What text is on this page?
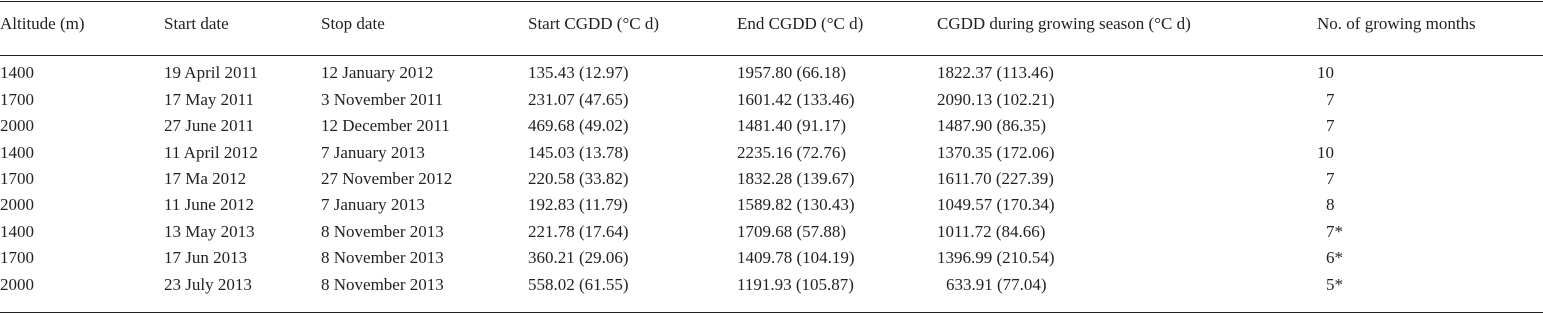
Altitude (m)	Start date	Stop date	Start CGDD (°C d)	End CGDD (°C d)	CGDD during growing season (°C d)	No. of growing months
1400	19 April 2011	12 January 2012	135.43 (12.97)	1957.80 (66.18)	1822.37 (113.46)	10
1700	17 May 2011	3 November 2011	231.07 (47.65)	1601.42 (133.46)	2090.13 (102.21)	7
2000	27 June 2011	12 December 2011	469.68 (49.02)	1481.40 (91.17)	1487.90 (86.35)	7
1400	11 April 2012	7 January 2013	145.03 (13.78)	2235.16 (72.76)	1370.35 (172.06)	10
1700	17 Ma 2012	27 November 2012	220.58 (33.82)	1832.28 (139.67)	1611.70 (227.39)	7
2000	11 June 2012	7 January 2013	192.83 (11.79)	1589.82 (130.43)	1049.57 (170.34)	8
1400	13 May 2013	8 November 2013	221.78 (17.64)	1709.68 (57.88)	1011.72 (84.66)	7*
1700	17 Jun 2013	8 November 2013	360.21 (29.06)	1409.78 (104.19)	1396.99 (210.54)	6*
2000	23 July 2013	8 November 2013	558.02 (61.55)	1191.93 (105.87)	633.91 (77.04)	5*
